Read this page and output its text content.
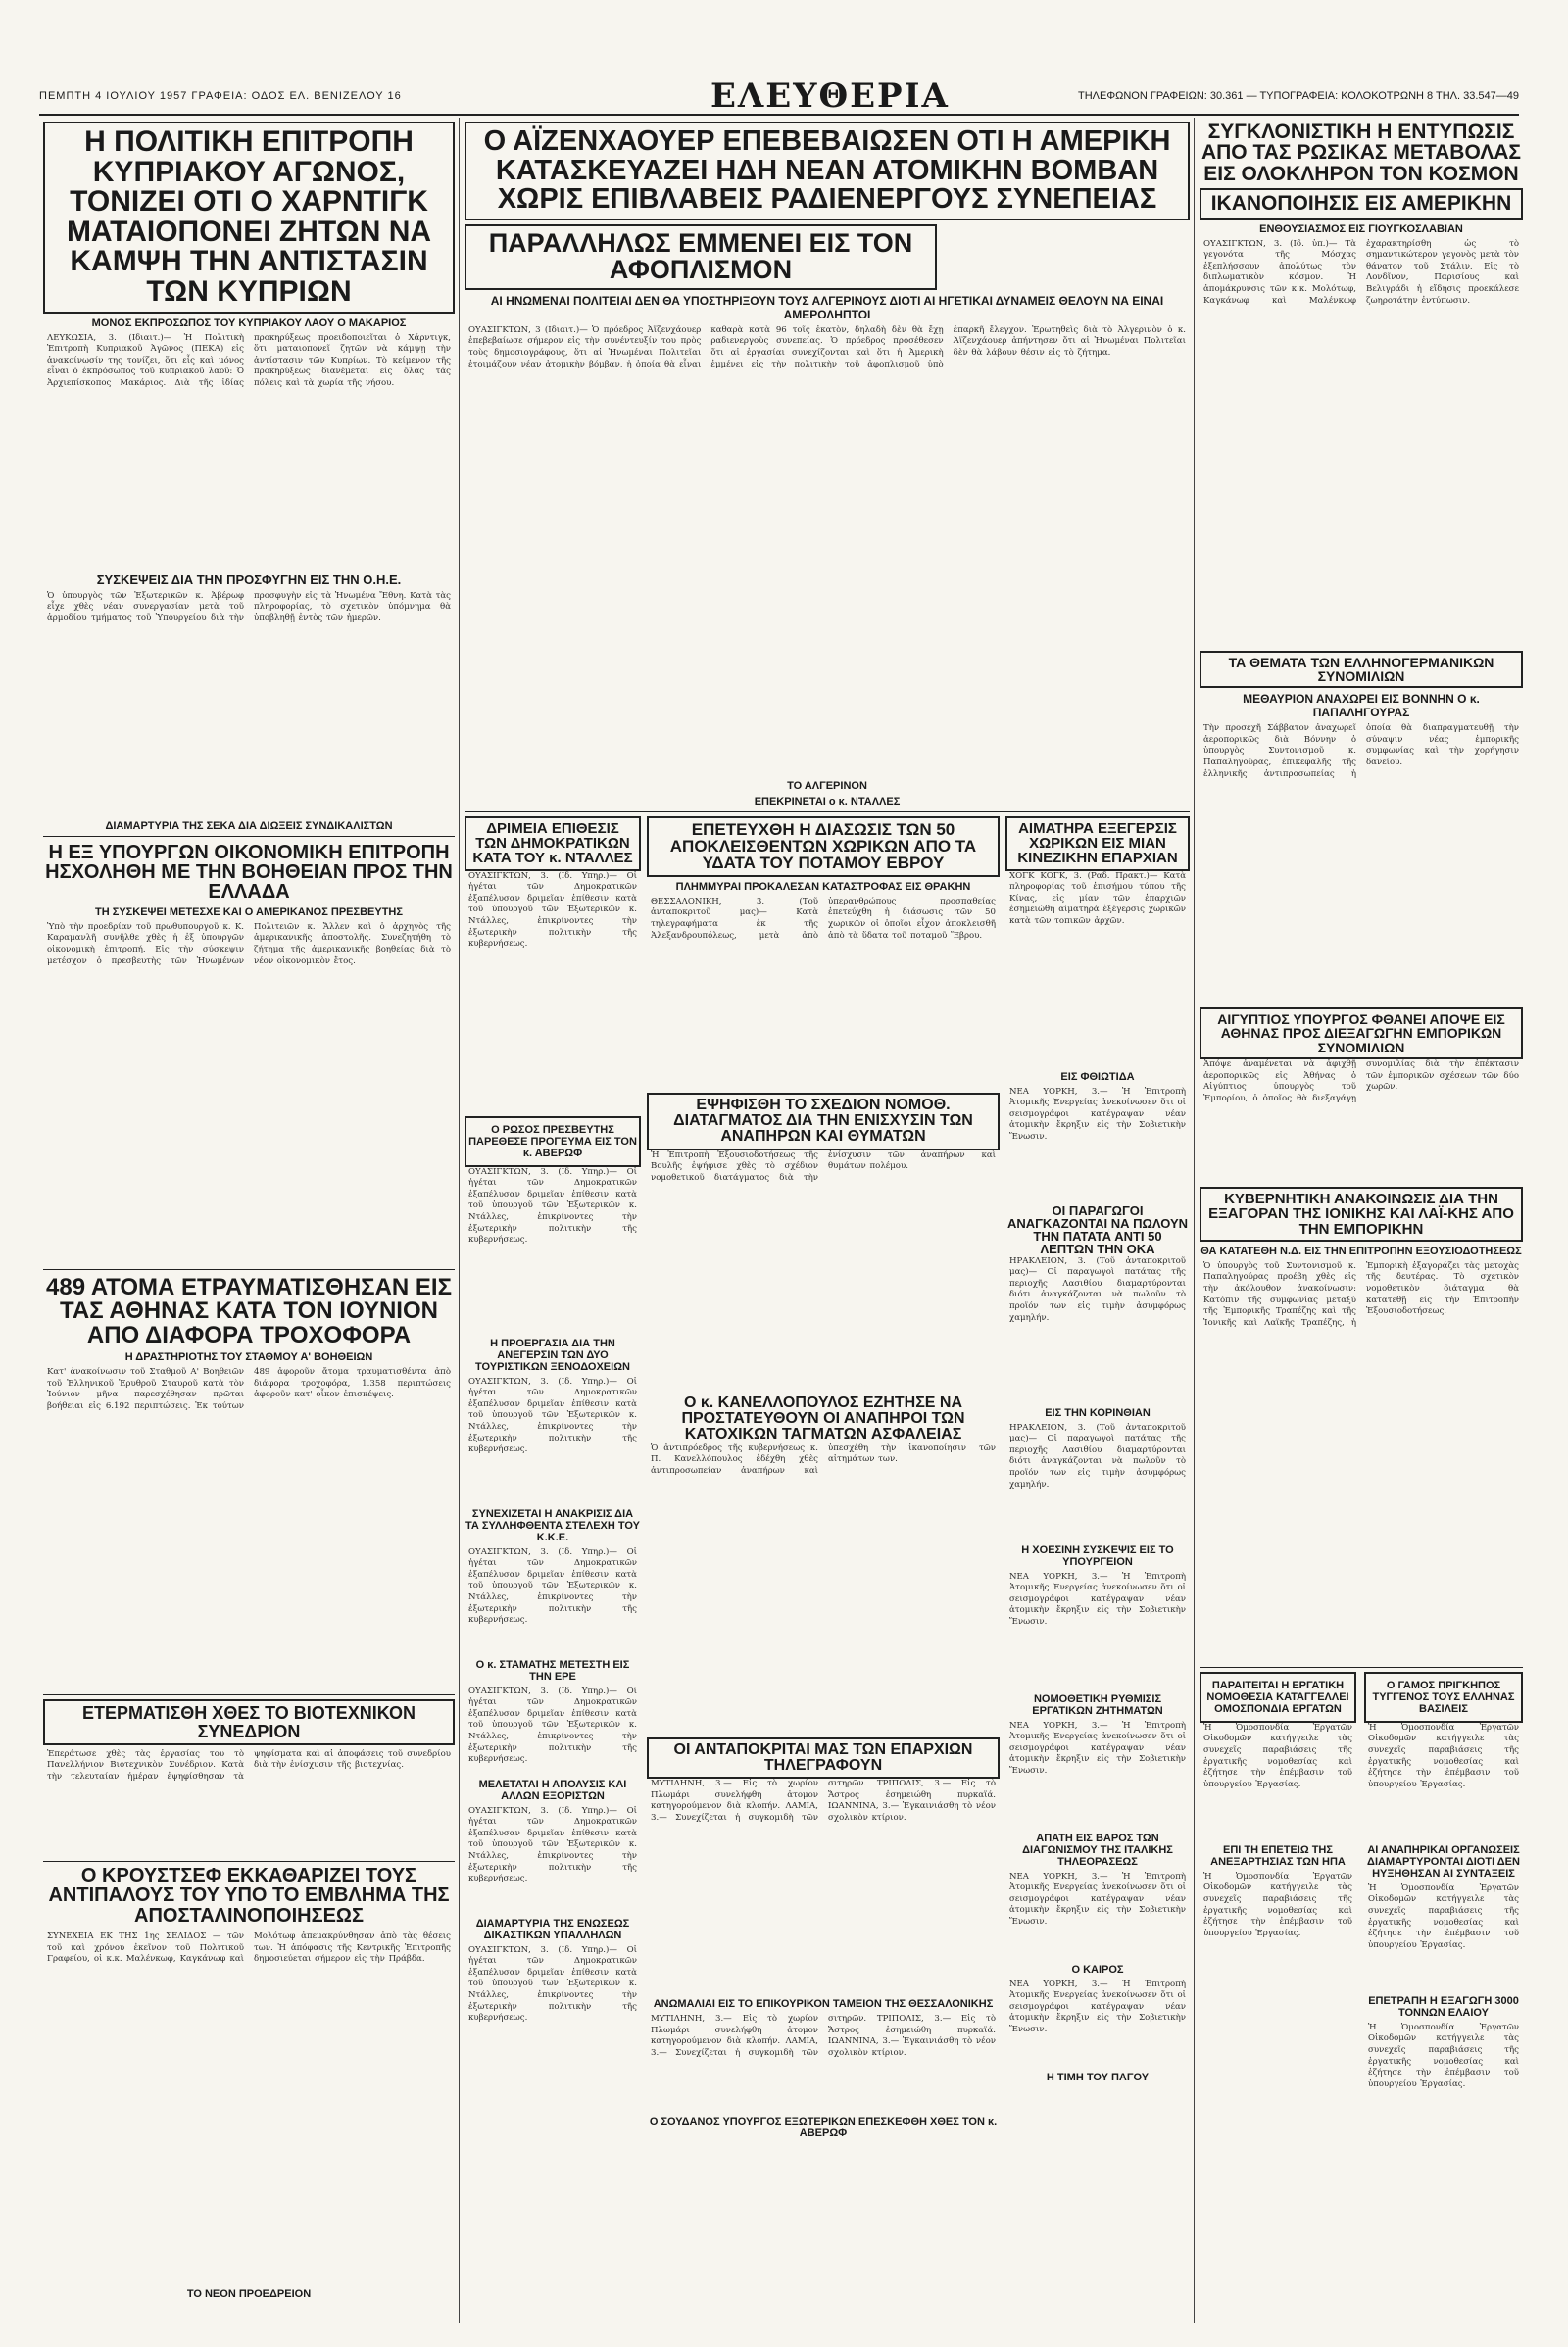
ΠΕΜΠΤΗ 4 ΙΟΥΛΙΟΥ 1957 ΓΡΑΦΕΙΑ: ΟΔΟΣ ΕΛ. ΒΕΝΙΖΕΛΟΥ 16	ΕΛΕΥΘΕΡΙΑ	ΤΗΛΕΦΩΝΟΝ ΓΡΑΦΕΙΩΝ: 30.361 — ΤΥΠΟΓΡΑΦΕΙΑ: ΚΟΛΟΚΟΤΡΩΝΗ 8 ΤΗΛ. 33.547—49
Η ΠΟΛΙΤΙΚΗ ΕΠΙΤΡΟΠΗ ΚΥΠΡΙΑΚΟΥ ΑΓΩΝΟΣ, ΤΟΝΙΖΕΙ ΟΤΙ Ο ΧΑΡΝΤΙΓΚ ΜΑΤΑΙΟΠΟΝΕΙ ΖΗΤΩΝ ΝΑ ΚΑΜΨΗ ΤΗΝ ΑΝΤΙΣΤΑΣΙΝ ΤΩΝ ΚΥΠΡΙΩΝ
ΜΟΝΟΣ ΕΚΠΡΟΣΩΠΟΣ ΤΟΥ ΚΥΠΡΙΑΚΟΥ ΛΑΟΥ Ο ΜΑΚΑΡΙΟΣ

ΛΕΥΚΩΣΙΑ, 3. (Ιδιαιτ.)— Ἡ Πολιτικὴ Ἐπιτροπὴ Κυπριακοῦ Ἀγῶνος (ΠΕΚΑ) εἰς ἀνακοίνωσίν της τονίζει, ὅτι εἷς καὶ μόνος εἶναι ὁ ἐκπρόσωπος τοῦ κυπριακοῦ λαοῦ: Ὁ Ἀρχιεπίσκοπος Μακάριος. Διὰ τῆς ἰδίας προκηρύξεως προειδοποιεῖται ὁ Χάρντιγκ, ὅτι ματαιοπονεῖ ζητῶν νὰ κάμψῃ τὴν ἀντίστασιν τῶν Κυπρίων. Τὸ κείμενον τῆς προκηρύξεως διανέμεται εἰς ὅλας τὰς πόλεις καὶ τὰ χωρία τῆς νήσου.

ΣΥΣΚΕΨΕΙΣ ΔΙΑ ΤΗΝ ΠΡΟΣΦΥΓΗΝ ΕΙΣ ΤΗΝ Ο.Η.Ε.

Ὁ ὑπουργὸς τῶν Ἐξωτερικῶν κ. Ἀβέρωφ εἶχε χθὲς νέαν συνεργασίαν μετὰ τοῦ ἀρμοδίου τμήματος τοῦ Ὑπουργείου διὰ τὴν προσφυγὴν εἰς τὰ Ἡνωμένα Ἔθνη. Κατὰ τὰς πληροφορίας, τὸ σχετικὸν ὑπόμνημα θὰ ὑποβληθῇ ἐντὸς τῶν ἡμερῶν.

ΔΙΑΜΑΡΤΥΡΙΑ ΤΗΣ ΣΕΚΑ ΔΙΑ ΔΙΩΞΕΙΣ ΣΥΝΔΙΚΑΛΙΣΤΩΝ
Η ΕΞ ΥΠΟΥΡΓΩΝ ΟΙΚΟΝΟΜΙΚΗ ΕΠΙΤΡΟΠΗ ΗΣΧΟΛΗΘΗ ΜΕ ΤΗΝ ΒΟΗΘΕΙΑΝ ΠΡΟΣ ΤΗΝ ΕΛΛΑΔΑ
ΤΗ ΣΥΣΚΕΨΕΙ ΜΕΤΕΣΧΕ ΚΑΙ Ο ΑΜΕΡΙΚΑΝΟΣ ΠΡΕΣΒΕΥΤΗΣ

Ὑπὸ τὴν προεδρίαν τοῦ πρωθυπουργοῦ κ. Κ. Καραμανλῆ συνῆλθε χθὲς ἡ ἐξ ὑπουργῶν οἰκονομικὴ ἐπιτροπή. Εἰς τὴν σύσκεψιν μετέσχον ὁ πρεσβευτὴς τῶν Ἡνωμένων Πολιτειῶν κ. Ἄλλεν καὶ ὁ ἀρχηγὸς τῆς ἀμερικανικῆς ἀποστολῆς. Συνεζητήθη τὸ ζήτημα τῆς ἀμερικανικῆς βοηθείας διὰ τὸ νέον οἰκονομικὸν ἔτος.

489 ΑΤΟΜΑ ΕΤΡΑΥΜΑΤΙΣΘΗΣΑΝ ΕΙΣ ΤΑΣ ΑΘΗΝΑΣ ΚΑΤΑ ΤΟΝ ΙΟΥΝΙΟΝ ΑΠΟ ΔΙΑΦΟΡΑ ΤΡΟΧΟΦΟΡΑ
Η ΔΡΑΣΤΗΡΙΟΤΗΣ ΤΟΥ ΣΤΑΘΜΟΥ Α' ΒΟΗΘΕΙΩΝ

Κατ' ἀνακοίνωσιν τοῦ Σταθμοῦ Α' Βοηθειῶν τοῦ Ἑλληνικοῦ Ἐρυθροῦ Σταυροῦ κατὰ τὸν Ἰούνιον μῆνα παρεσχέθησαν πρῶται βοήθειαι εἰς 6.192 περιπτώσεις. Ἐκ τούτων 489 ἀφοροῦν ἄτομα τραυματισθέντα ἀπὸ διάφορα τροχοφόρα, 1.358 περιπτώσεις ἀφοροῦν κατ' οἶκον ἐπισκέψεις.

ΕΤΕΡΜΑΤΙΣΘΗ ΧΘΕΣ ΤΟ ΒΙΟΤΕΧΝΙΚΟΝ ΣΥΝΕΔΡΙΟΝ

Ἐπεράτωσε χθὲς τὰς ἐργασίας του τὸ Πανελλήνιον Βιοτεχνικὸν Συνέδριον. Κατὰ τὴν τελευταίαν ἡμέραν ἐψηφίσθησαν τὰ ψηφίσματα καὶ αἱ ἀποφάσεις τοῦ συνεδρίου διὰ τὴν ἐνίσχυσιν τῆς βιοτεχνίας.

Ο ΚΡΟΥΣΤΣΕΦ ΕΚΚΑΘΑΡΙΖΕΙ ΤΟΥΣ ΑΝΤΙΠΑΛΟΥΣ ΤΟΥ ΥΠΟ ΤΟ ΕΜΒΛΗΜΑ ΤΗΣ ΑΠΟΣΤΑΛΙΝΟΠΟΙΗΣΕΩΣ

ΣΥΝΕΧΕΙΑ ΕΚ ΤΗΣ 1ης ΣΕΛΙΔΟΣ — τῶν τοῦ καὶ χρόνου ἐκεῖνον τοῦ Πολιτικοῦ Γραφείου, οἱ κ.κ. Μαλένκωφ, Καγκάνωφ καὶ Μολότωφ ἀπεμακρύνθησαν ἀπὸ τὰς θέσεις των. Ἡ ἀπόφασις τῆς Κεντρικῆς Ἐπιτροπῆς δημοσιεύεται σήμερον εἰς τὴν Πράβδα.

ΤΟ ΝΕΟΝ ΠΡΟΕΔΡΕΙΟΝ
Ο ΑΪΖΕΝΧΑΟΥΕΡ ΕΠΕΒΕΒΑΙΩΣΕΝ ΟΤΙ Η ΑΜΕΡΙΚΗ ΚΑΤΑΣΚΕΥΑΖΕΙ ΗΔΗ ΝΕΑΝ ΑΤΟΜΙΚΗΝ ΒΟΜΒΑΝ ΧΩΡΙΣ ΕΠΙΒΛΑΒΕΙΣ ΡΑΔΙΕΝΕΡΓΟΥΣ ΣΥΝΕΠΕΙΑΣ
ΠΑΡΑΛΛΗΛΩΣ ΕΜΜΕΝΕΙ ΕΙΣ ΤΟΝ ΑΦΟΠΛΙΣΜΟΝ
ΑΙ ΗΝΩΜΕΝΑΙ ΠΟΛΙΤΕΙΑΙ ΔΕΝ ΘΑ ΥΠΟΣΤΗΡΙΞΟΥΝ ΤΟΥΣ ΑΛΓΕΡΙΝΟΥΣ ΔΙΟΤΙ ΑΙ ΗΓΕΤΙΚΑΙ ΔΥΝΑΜΕΙΣ ΘΕΛΟΥΝ ΝΑ ΕΙΝΑΙ ΑΜΕΡΟΛΗΠΤΟΙ

ΟΥΑΣΙΓΚΤΩΝ, 3 (Ιδιαιτ.)— Ὁ πρόεδρος Ἀϊζενχάουερ ἐπεβεβαίωσε σήμερον εἰς τὴν συνέντευξίν του πρὸς τοὺς δημοσιογράφους, ὅτι αἱ Ἡνωμέναι Πολιτεῖαι ἐτοιμάζουν νέαν ἀτομικὴν βόμβαν, ἡ ὁποία θὰ εἶναι καθαρὰ κατὰ 96 τοῖς ἑκατὸν, δηλαδὴ δὲν θὰ ἔχῃ ραδιενεργοὺς συνεπείας. Ὁ πρόεδρος προσέθεσεν ὅτι αἱ ἐργασίαι συνεχίζονται καὶ ὅτι ἡ Ἀμερικὴ ἐμμένει εἰς τὴν πολιτικὴν τοῦ ἀφοπλισμοῦ ὑπὸ ἐπαρκῆ ἔλεγχον. Ἐρωτηθεὶς διὰ τὸ Ἀλγερινὸν ὁ κ. Ἀϊζενχάουερ ἀπήντησεν ὅτι αἱ Ἡνωμέναι Πολιτεῖαι δὲν θὰ λάβουν θέσιν εἰς τὸ ζήτημα.

ΤΟ ΑΛΓΕΡΙΝΟΝ
ΕΠΕΚΡΙΝΕΤΑΙ ο κ. ΝΤΑΛΛΕΣ
ΔΡΙΜΕΙΑ ΕΠΙΘΕΣΙΣ ΤΩΝ ΔΗΜΟΚΡΑΤΙΚΩΝ ΚΑΤΑ ΤΟΥ κ. ΝΤΑΛΛΕΣ

ΟΥΑΣΙΓΚΤΩΝ, 3. (Ιδ. Υπηρ.)— Οἱ ἡγέται τῶν Δημοκρατικῶν ἐξαπέλυσαν δριμεῖαν ἐπίθεσιν κατὰ τοῦ ὑπουργοῦ τῶν Ἐξωτερικῶν κ. Ντάλλες, ἐπικρίνοντες τὴν ἐξωτερικὴν πολιτικὴν τῆς κυβερνήσεως.

Ο ΡΩΣΟΣ ΠΡΕΣΒΕΥΤΗΣ ΠΑΡΕΘΕΣΕ ΠΡΟΓΕΥΜΑ ΕΙΣ ΤΟΝ κ. ΑΒΕΡΩΦ

ΟΥΑΣΙΓΚΤΩΝ, 3. (Ιδ. Υπηρ.)— Οἱ ἡγέται τῶν Δημοκρατικῶν ἐξαπέλυσαν δριμεῖαν ἐπίθεσιν κατὰ τοῦ ὑπουργοῦ τῶν Ἐξωτερικῶν κ. Ντάλλες, ἐπικρίνοντες τὴν ἐξωτερικὴν πολιτικὴν τῆς κυβερνήσεως.

Η ΠΡΟΕΡΓΑΣΙΑ ΔΙΑ ΤΗΝ ΑΝΕΓΕΡΣΙΝ ΤΩΝ ΔΥΟ ΤΟΥΡΙΣΤΙΚΩΝ ΞΕΝΟΔΟΧΕΙΩΝ

ΟΥΑΣΙΓΚΤΩΝ, 3. (Ιδ. Υπηρ.)— Οἱ ἡγέται τῶν Δημοκρατικῶν ἐξαπέλυσαν δριμεῖαν ἐπίθεσιν κατὰ τοῦ ὑπουργοῦ τῶν Ἐξωτερικῶν κ. Ντάλλες, ἐπικρίνοντες τὴν ἐξωτερικὴν πολιτικὴν τῆς κυβερνήσεως.

ΣΥΝΕΧΙΖΕΤΑΙ Η ΑΝΑΚΡΙΣΙΣ ΔΙΑ ΤΑ ΣΥΛΛΗΦΘΕΝΤΑ ΣΤΕΛΕΧΗ ΤΟΥ Κ.Κ.Ε.

ΟΥΑΣΙΓΚΤΩΝ, 3. (Ιδ. Υπηρ.)— Οἱ ἡγέται τῶν Δημοκρατικῶν ἐξαπέλυσαν δριμεῖαν ἐπίθεσιν κατὰ τοῦ ὑπουργοῦ τῶν Ἐξωτερικῶν κ. Ντάλλες, ἐπικρίνοντες τὴν ἐξωτερικὴν πολιτικὴν τῆς κυβερνήσεως.

Ο κ. ΣΤΑΜΑΤΗΣ ΜΕΤΕΣΤΗ ΕΙΣ ΤΗΝ ΕΡΕ

ΟΥΑΣΙΓΚΤΩΝ, 3. (Ιδ. Υπηρ.)— Οἱ ἡγέται τῶν Δημοκρατικῶν ἐξαπέλυσαν δριμεῖαν ἐπίθεσιν κατὰ τοῦ ὑπουργοῦ τῶν Ἐξωτερικῶν κ. Ντάλλες, ἐπικρίνοντες τὴν ἐξωτερικὴν πολιτικὴν τῆς κυβερνήσεως.

ΜΕΛΕΤΑΤΑΙ Η ΑΠΟΛΥΣΙΣ ΚΑΙ ΑΛΛΩΝ ΕΞΟΡΙΣΤΩΝ

ΟΥΑΣΙΓΚΤΩΝ, 3. (Ιδ. Υπηρ.)— Οἱ ἡγέται τῶν Δημοκρατικῶν ἐξαπέλυσαν δριμεῖαν ἐπίθεσιν κατὰ τοῦ ὑπουργοῦ τῶν Ἐξωτερικῶν κ. Ντάλλες, ἐπικρίνοντες τὴν ἐξωτερικὴν πολιτικὴν τῆς κυβερνήσεως.

ΔΙΑΜΑΡΤΥΡΙΑ ΤΗΣ ΕΝΩΣΕΩΣ ΔΙΚΑΣΤΙΚΩΝ ΥΠΑΛΛΗΛΩΝ

ΟΥΑΣΙΓΚΤΩΝ, 3. (Ιδ. Υπηρ.)— Οἱ ἡγέται τῶν Δημοκρατικῶν ἐξαπέλυσαν δριμεῖαν ἐπίθεσιν κατὰ τοῦ ὑπουργοῦ τῶν Ἐξωτερικῶν κ. Ντάλλες, ἐπικρίνοντες τὴν ἐξωτερικὴν πολιτικὴν τῆς κυβερνήσεως.

ΕΠΕΤΕΥΧΘΗ Η ΔΙΑΣΩΣΙΣ ΤΩΝ 50 ΑΠΟΚΛΕΙΣΘΕΝΤΩΝ ΧΩΡΙΚΩΝ ΑΠΟ ΤΑ ΥΔΑΤΑ ΤΟΥ ΠΟΤΑΜΟΥ ΕΒΡΟΥ
ΠΛΗΜΜΥΡΑΙ ΠΡΟΚΑΛΕΣΑΝ ΚΑΤΑΣΤΡΟΦΑΣ ΕΙΣ ΘΡΑΚΗΝ

ΘΕΣΣΑΛΟΝΙΚΗ, 3. (Τοῦ ἀνταποκριτοῦ μας)— Κατὰ τηλεγραφήματα ἐκ τῆς Ἀλεξανδρουπόλεως, μετὰ ἀπὸ ὑπερανθρώπους προσπαθείας ἐπετεύχθη ἡ διάσωσις τῶν 50 χωρικῶν οἱ ὁποῖοι εἶχον ἀποκλεισθῆ ἀπὸ τὰ ὕδατα τοῦ ποταμοῦ Ἕβρου.

ΕΨΗΦΙΣΘΗ ΤΟ ΣΧΕΔΙΟΝ ΝΟΜΟΘ. ΔΙΑΤΑΓΜΑΤΟΣ ΔΙΑ ΤΗΝ ΕΝΙΣΧΥΣΙΝ ΤΩΝ ΑΝΑΠΗΡΩΝ ΚΑΙ ΘΥΜΑΤΩΝ

Ἡ Ἐπιτροπὴ Ἐξουσιοδοτήσεως τῆς Βουλῆς ἐψήφισε χθὲς τὸ σχέδιον νομοθετικοῦ διατάγματος διὰ τὴν ἐνίσχυσιν τῶν ἀναπήρων καὶ θυμάτων πολέμου.

Ο κ. ΚΑΝΕΛΛΟΠΟΥΛΟΣ ΕΖΗΤΗΣΕ ΝΑ ΠΡΟΣΤΑΤΕΥΘΟΥΝ ΟΙ ΑΝΑΠΗΡΟΙ ΤΩΝ ΚΑΤΟΧΙΚΩΝ ΤΑΓΜΑΤΩΝ ΑΣΦΑΛΕΙΑΣ

Ὁ ἀντιπρόεδρος τῆς κυβερνήσεως κ. Π. Κανελλόπουλος ἐδέχθη χθὲς ἀντιπροσωπείαν ἀναπήρων καὶ ὑπεσχέθη τὴν ἱκανοποίησιν τῶν αἰτημάτων των.

ΟΙ ΑΝΤΑΠΟΚΡΙΤΑΙ ΜΑΣ ΤΩΝ ΕΠΑΡΧΙΩΝ ΤΗΛΕΓΡΑΦΟΥΝ

ΜΥΤΙΛΗΝΗ, 3.— Εἰς τὸ χωρίον Πλωμάρι συνελήφθη ἀτομον κατηγορούμενον διὰ κλοπήν. ΛΑΜΙΑ, 3.— Συνεχίζεται ἡ συγκομιδὴ τῶν σιτηρῶν. ΤΡΙΠΟΛΙΣ, 3.— Εἰς τὸ Ἄστρος ἐσημειώθη πυρκαϊά. ΙΩΑΝΝΙΝΑ, 3.— Ἐγκαινιάσθη τὸ νέον σχολικὸν κτίριον.

ΑΝΩΜΑΛΙΑΙ ΕΙΣ ΤΟ ΕΠΙΚΟΥΡΙΚΟΝ ΤΑΜΕΙΟΝ ΤΗΣ ΘΕΣΣΑΛΟΝΙΚΗΣ

ΜΥΤΙΛΗΝΗ, 3.— Εἰς τὸ χωρίον Πλωμάρι συνελήφθη ἀτομον κατηγορούμενον διὰ κλοπήν. ΛΑΜΙΑ, 3.— Συνεχίζεται ἡ συγκομιδὴ τῶν σιτηρῶν. ΤΡΙΠΟΛΙΣ, 3.— Εἰς τὸ Ἄστρος ἐσημειώθη πυρκαϊά. ΙΩΑΝΝΙΝΑ, 3.— Ἐγκαινιάσθη τὸ νέον σχολικὸν κτίριον.

Ο ΣΟΥΔΑΝΟΣ ΥΠΟΥΡΓΟΣ ΕΞΩΤΕΡΙΚΩΝ ΕΠΕΣΚΕΦΘΗ ΧΘΕΣ ΤΟΝ κ. ΑΒΕΡΩΦ
ΑΙΜΑΤΗΡΑ ΕΞΕΓΕΡΣΙΣ ΧΩΡΙΚΩΝ ΕΙΣ ΜΙΑΝ ΚΙΝΕΖΙΚΗΝ ΕΠΑΡΧΙΑΝ

ΧΟΓΚ ΚΟΓΚ, 3. (Ραδ. Πρακτ.)— Κατὰ πληροφορίας τοῦ ἐπισήμου τύπου τῆς Κίνας, εἰς μίαν τῶν ἐπαρχιῶν ἐσημειώθη αἱματηρὰ ἐξέγερσις χωρικῶν κατὰ τῶν τοπικῶν ἀρχῶν.

ΕΙΣ ΦΘΙΩΤΙΔΑ

ΝΕΑ ΥΟΡΚΗ, 3.— Ἡ Ἐπιτροπὴ Ἀτομικῆς Ἐνεργείας ἀνεκοίνωσεν ὅτι οἱ σεισμογράφοι κατέγραψαν νέαν ἀτομικὴν ἔκρηξιν εἰς τὴν Σοβιετικὴν Ἕνωσιν.

ΟΙ ΠΑΡΑΓΩΓΟΙ ΑΝΑΓΚΑΖΟΝΤΑΙ ΝΑ ΠΩΛΟΥΝ ΤΗΝ ΠΑΤΑΤΑ ΑΝΤΙ 50 ΛΕΠΤΩΝ ΤΗΝ ΟΚΑ

ΗΡΑΚΛΕΙΟΝ, 3. (Τοῦ ἀνταποκριτοῦ μας)— Οἱ παραγωγοὶ πατάτας τῆς περιοχῆς Λασιθίου διαμαρτύρονται διότι ἀναγκάζονται νὰ πωλοῦν τὸ προϊόν των εἰς τιμὴν ἀσυμφόρως χαμηλήν.

ΕΙΣ ΤΗΝ ΚΟΡΙΝΘΙΑΝ

ΗΡΑΚΛΕΙΟΝ, 3. (Τοῦ ἀνταποκριτοῦ μας)— Οἱ παραγωγοὶ πατάτας τῆς περιοχῆς Λασιθίου διαμαρτύρονται διότι ἀναγκάζονται νὰ πωλοῦν τὸ προϊόν των εἰς τιμὴν ἀσυμφόρως χαμηλήν.

Η ΧΟΕΣΙΝΗ ΣΥΣΚΕΨΙΣ ΕΙΣ ΤΟ ΥΠΟΥΡΓΕΙΟΝ

ΝΕΑ ΥΟΡΚΗ, 3.— Ἡ Ἐπιτροπὴ Ἀτομικῆς Ἐνεργείας ἀνεκοίνωσεν ὅτι οἱ σεισμογράφοι κατέγραψαν νέαν ἀτομικὴν ἔκρηξιν εἰς τὴν Σοβιετικὴν Ἕνωσιν.

ΝΟΜΟΘΕΤΙΚΗ ΡΥΘΜΙΣΙΣ ΕΡΓΑΤΙΚΩΝ ΖΗΤΗΜΑΤΩΝ

ΝΕΑ ΥΟΡΚΗ, 3.— Ἡ Ἐπιτροπὴ Ἀτομικῆς Ἐνεργείας ἀνεκοίνωσεν ὅτι οἱ σεισμογράφοι κατέγραψαν νέαν ἀτομικὴν ἔκρηξιν εἰς τὴν Σοβιετικὴν Ἕνωσιν.

ΑΠΑΤΗ ΕΙΣ ΒΑΡΟΣ ΤΩΝ ΔΙΑΓΩΝΙΣΜΟΥ ΤΗΣ ΙΤΑΛΙΚΗΣ ΤΗΛΕΟΡΑΣΕΩΣ

ΝΕΑ ΥΟΡΚΗ, 3.— Ἡ Ἐπιτροπὴ Ἀτομικῆς Ἐνεργείας ἀνεκοίνωσεν ὅτι οἱ σεισμογράφοι κατέγραψαν νέαν ἀτομικὴν ἔκρηξιν εἰς τὴν Σοβιετικὴν Ἕνωσιν.

Ο ΚΑΙΡΟΣ

ΝΕΑ ΥΟΡΚΗ, 3.— Ἡ Ἐπιτροπὴ Ἀτομικῆς Ἐνεργείας ἀνεκοίνωσεν ὅτι οἱ σεισμογράφοι κατέγραψαν νέαν ἀτομικὴν ἔκρηξιν εἰς τὴν Σοβιετικὴν Ἕνωσιν.

Η ΤΙΜΗ ΤΟΥ ΠΑΓΟΥ
ΣΥΓΚΛΟΝΙΣΤΙΚΗ Η ΕΝΤΥΠΩΣΙΣ ΑΠΟ ΤΑΣ ΡΩΣΙΚΑΣ ΜΕΤΑΒΟΛΑΣ ΕΙΣ ΟΛΟΚΛΗΡΟΝ ΤΟΝ ΚΟΣΜΟΝ
ΙΚΑΝΟΠΟΙΗΣΙΣ ΕΙΣ ΑΜΕΡΙΚΗΝ
ΕΝΘΟΥΣΙΑΣΜΟΣ ΕΙΣ ΓΙΟΥΓΚΟΣΛΑΒΙΑΝ

ΟΥΑΣΙΓΚΤΩΝ, 3. (Ιδ. ὑπ.)— Τὰ γεγονότα τῆς Μόσχας ἐξεπλήσσουν ἀπολύτως τὸν διπλωματικὸν κόσμον. Ἡ ἀπομάκρυνσις τῶν κ.κ. Μολότωφ, Καγκάνωφ καὶ Μαλένκωφ ἐχαρακτηρίσθη ὡς τὸ σημαντικώτερον γεγονὸς μετὰ τὸν θάνατον τοῦ Στάλιν. Εἰς τὸ Λονδῖνον, Παρισίους καὶ Βελιγράδι ἡ εἴδησις προεκάλεσε ζωηροτάτην ἐντύπωσιν.

ΤΑ ΘΕΜΑΤΑ ΤΩΝ ΕΛΛΗΝΟΓΕΡΜΑΝΙΚΩΝ ΣΥΝΟΜΙΛΙΩΝ
ΜΕΘΑΥΡΙΟΝ ΑΝΑΧΩΡΕΙ ΕΙΣ ΒΟΝΝΗΝ Ο κ. ΠΑΠΑΛΗΓΟΥΡΑΣ

Τὴν προσεχῆ Σάββατον ἀναχωρεῖ ἀεροπορικῶς διὰ Βόννην ὁ ὑπουργὸς Συντονισμοῦ κ. Παπαληγούρας, ἐπικεφαλῆς τῆς ἑλληνικῆς ἀντιπροσωπείας ἡ ὁποία θὰ διαπραγματευθῇ τὴν σύναψιν νέας ἐμπορικῆς συμφωνίας καὶ τὴν χορήγησιν δανείου.

ΑΙΓΥΠΤΙΟΣ ΥΠΟΥΡΓΟΣ ΦΘΑΝΕΙ ΑΠΟΨΕ ΕΙΣ ΑΘΗΝΑΣ ΠΡΟΣ ΔΙΕΞΑΓΩΓΗΝ ΕΜΠΟΡΙΚΩΝ ΣΥΝΟΜΙΛΙΩΝ

Ἀπόψε ἀναμένεται νὰ ἀφιχθῇ ἀεροπορικῶς εἰς Ἀθήνας ὁ Αἰγύπτιος ὑπουργὸς τοῦ Ἐμπορίου, ὁ ὁποῖος θὰ διεξαγάγῃ συνομιλίας διὰ τὴν ἐπέκτασιν τῶν ἐμπορικῶν σχέσεων τῶν δύο χωρῶν.

ΚΥΒΕΡΝΗΤΙΚΗ ΑΝΑΚΟΙΝΩΣΙΣ ΔΙΑ ΤΗΝ ΕΞΑΓΟΡΑΝ ΤΗΣ ΙΟΝΙΚΗΣ ΚΑΙ ΛΑΪ-ΚΗΣ ΑΠΟ ΤΗΝ ΕΜΠΟΡΙΚΗΝ
ΘΑ ΚΑΤΑΤΕΘΗ Ν.Δ. ΕΙΣ ΤΗΝ ΕΠΙΤΡΟΠΗΝ ΕΞΟΥΣΙΟΔΟΤΗΣΕΩΣ

Ὁ ὑπουργὸς τοῦ Συντονισμοῦ κ. Παπαληγούρας προέβη χθὲς εἰς τὴν ἀκόλουθον ἀνακοίνωσιν: Κατόπιν τῆς συμφωνίας μεταξὺ τῆς Ἐμπορικῆς Τραπέζης καὶ τῆς Ἰονικῆς καὶ Λαϊκῆς Τραπέζης, ἡ Ἐμπορικὴ ἐξαγοράζει τὰς μετοχὰς τῆς δευτέρας. Τὸ σχετικὸν νομοθετικὸν διάταγμα θὰ κατατεθῇ εἰς τὴν Ἐπιτροπὴν Ἐξουσιοδοτήσεως.

ΠΑΡΑΙΤΕΙΤΑΙ Η ΕΡΓΑΤΙΚΗ ΝΟΜΟΘΕΣΙΑ ΚΑΤΑΓΓΕΛΛΕΙ ΟΜΟΣΠΟΝΔΙΑ ΕΡΓΑΤΩΝ

Ἡ Ὁμοσπονδία Ἐργατῶν Οἰκοδομῶν κατήγγειλε τὰς συνεχεῖς παραβιάσεις τῆς ἐργατικῆς νομοθεσίας καὶ ἐζήτησε τὴν ἐπέμβασιν τοῦ ὑπουργείου Ἐργασίας.

ΕΠΙ ΤΗ ΕΠΕΤΕΙΩ ΤΗΣ ΑΝΕΞΑΡΤΗΣΙΑΣ ΤΩΝ ΗΠΑ

Ἡ Ὁμοσπονδία Ἐργατῶν Οἰκοδομῶν κατήγγειλε τὰς συνεχεῖς παραβιάσεις τῆς ἐργατικῆς νομοθεσίας καὶ ἐζήτησε τὴν ἐπέμβασιν τοῦ ὑπουργείου Ἐργασίας.

Ο ΓΑΜΟΣ ΠΡΙΓΚΗΠΟΣ ΤΥΓΓΕΝΟΣ ΤΟΥΣ ΕΛΛΗΝΑΣ ΒΑΣΙΛΕΙΣ

Ἡ Ὁμοσπονδία Ἐργατῶν Οἰκοδομῶν κατήγγειλε τὰς συνεχεῖς παραβιάσεις τῆς ἐργατικῆς νομοθεσίας καὶ ἐζήτησε τὴν ἐπέμβασιν τοῦ ὑπουργείου Ἐργασίας.

ΑΙ ΑΝΑΠΗΡΙΚΑΙ ΟΡΓΑΝΩΣΕΙΣ ΔΙΑΜΑΡΤΥΡΟΝΤΑΙ ΔΙΟΤΙ ΔΕΝ ΗΥΞΗΘΗΣΑΝ ΑΙ ΣΥΝΤΑΞΕΙΣ

Ἡ Ὁμοσπονδία Ἐργατῶν Οἰκοδομῶν κατήγγειλε τὰς συνεχεῖς παραβιάσεις τῆς ἐργατικῆς νομοθεσίας καὶ ἐζήτησε τὴν ἐπέμβασιν τοῦ ὑπουργείου Ἐργασίας.

ΕΠΕΤΡΑΠΗ Η ΕΞΑΓΩΓΗ 3000 ΤΟΝΝΩΝ ΕΛΑΙΟΥ

Ἡ Ὁμοσπονδία Ἐργατῶν Οἰκοδομῶν κατήγγειλε τὰς συνεχεῖς παραβιάσεις τῆς ἐργατικῆς νομοθεσίας καὶ ἐζήτησε τὴν ἐπέμβασιν τοῦ ὑπουργείου Ἐργασίας.
